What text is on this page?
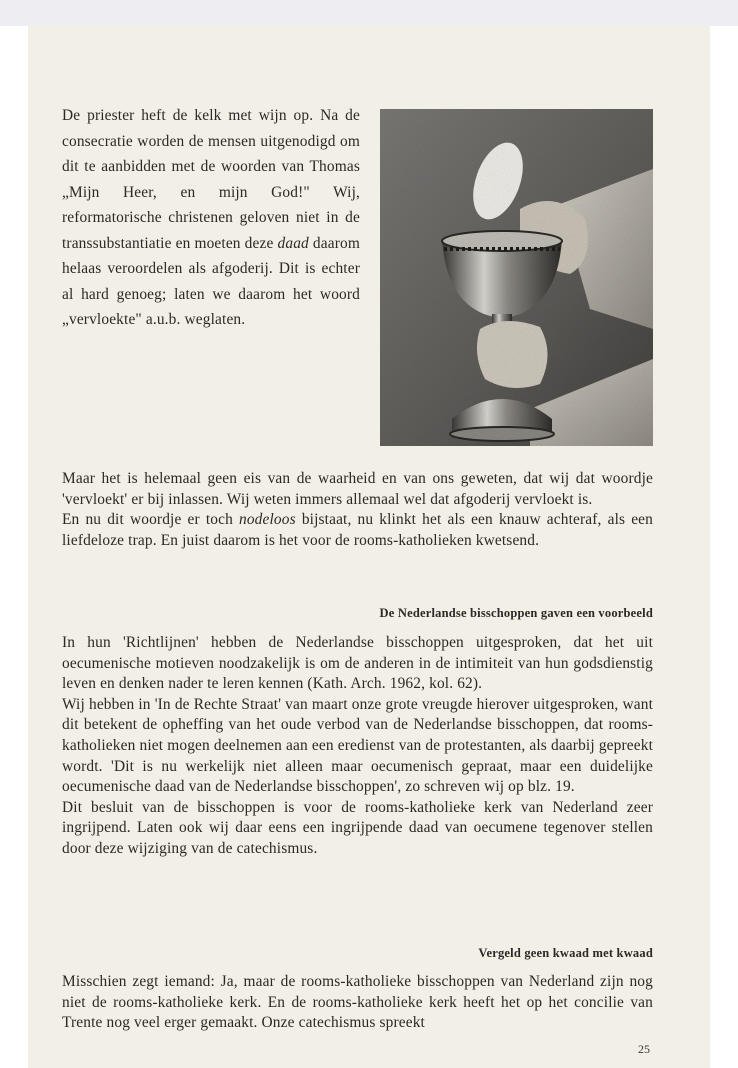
De priester heft de kelk met wijn op. Na de consecratie worden de mensen uitgenodigd om dit te aanbidden met de woorden van Thomas „Mijn Heer, en mijn God!" Wij, reformatorische christenen geloven niet in de transsubstantiatie en moeten deze daad daarom helaas veroordelen als afgoderij. Dit is echter al hard genoeg; laten we daarom het woord „vervloekte" a.u.b. weglaten.

Maar het is helemaal geen eis van de waarheid en van ons geweten, dat wij dat woordje 'vervloekt' er bij inlassen. Wij weten immers allemaal wel dat afgoderij vervloekt is.

En nu dit woordje er toch nodeloos bijstaat, nu klinkt het als een knauw achteraf, als een liefdeloze trap. En juist daarom is het voor de rooms-katholieken kwetsend.

De Nederlandse bisschoppen gaven een voorbeeld

In hun 'Richtlijnen' hebben de Nederlandse bisschoppen uitgesproken, dat het uit oecumenische motieven noodzakelijk is om de anderen in de intimiteit van hun godsdienstig leven en denken nader te leren kennen (Kath. Arch. 1962, kol. 62).

Wij hebben in 'In de Rechte Straat' van maart onze grote vreugde hierover uitgesproken, want dit betekent de opheffing van het oude verbod van de Nederlandse bisschoppen, dat rooms-katholieken niet mogen deelnemen aan een eredienst van de protestanten, als daarbij gepreekt wordt. 'Dit is nu werkelijk niet alleen maar oecumenisch gepraat, maar een duidelijke oecumenische daad van de Nederlandse bisschoppen', zo schreven wij op blz. 19.

Dit besluit van de bisschoppen is voor de rooms-katholieke kerk van Nederland zeer ingrijpend. Laten ook wij daar eens een ingrijpende daad van oecumene tegenover stellen door deze wijziging van de catechismus.

Vergeld geen kwaad met kwaad

Misschien zegt iemand: Ja, maar de rooms-katholieke bisschoppen van Nederland zijn nog niet de rooms-katholieke kerk. En de rooms-katholieke kerk heeft het op het concilie van Trente nog veel erger gemaakt. Onze catechismus spreekt

25
